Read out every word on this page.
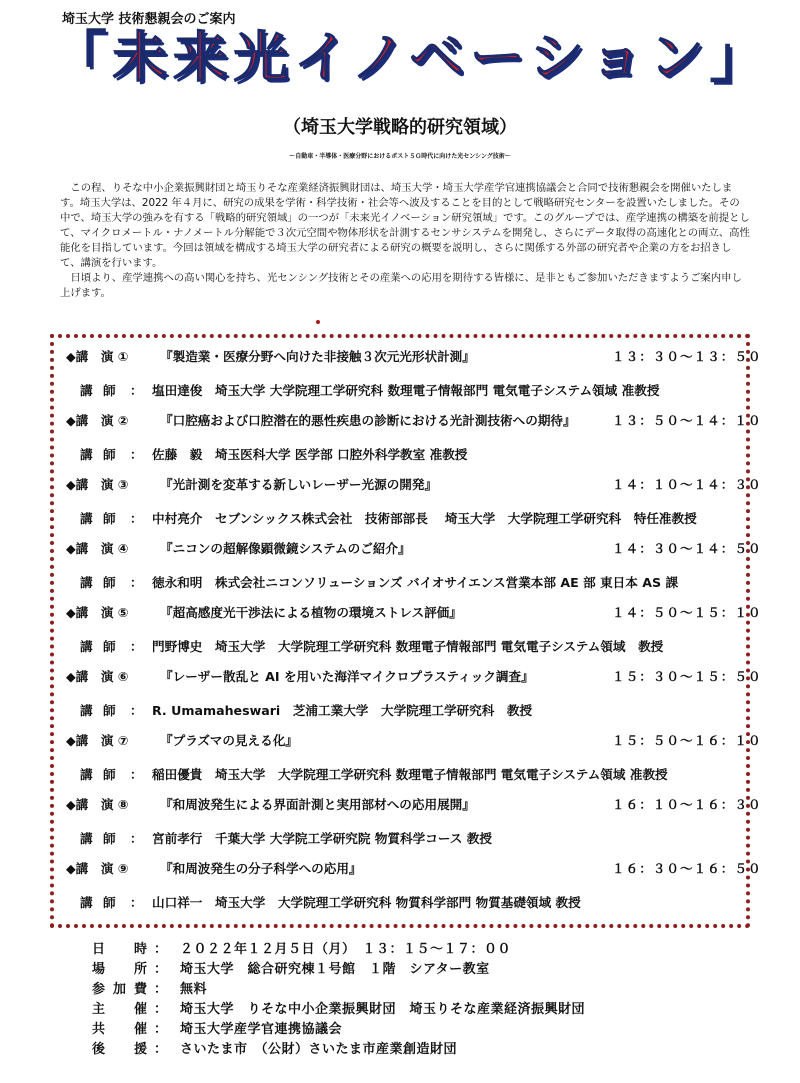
埼玉大学 技術懇親会のご案内
「未来光イノベーション」
（埼玉大学戦略的研究領域）
～自動車・半導体・医療分野におけるポスト５Ｇ時代に向けた光センシング技術～

この程、りそな中小企業振興財団と埼玉りそな産業経済振興財団は、埼玉大学・埼玉大学産学官連携協議会と合同で技術懇親会を開催いたします。埼玉大学は、2022 年４月に、研究の成果を学術・科学技術・社会等へ波及することを目的として戦略研究センターを設置いたしました。その中で、埼玉大学の強みを有する「戦略的研究領域」の一つが「未来光イノベーション研究領域」です。このグループでは、産学連携の構築を前提として、マイクロメートル・ナノメートル分解能で３次元空間や物体形状を計測するセンサシステムを開発し、さらにデータ取得の高速化との両立、高性能化を目指しています。今回は領域を構成する埼玉大学の研究者による研究の概要を説明し、さらに関係する外部の研究者や企業の方をお招きして、講演を行います。

日頃より、産学連携への高い関心を持ち、光センシング技術とその産業への応用を期待する皆様に、是非ともご参加いただきますようご案内申し上げます。

◆講　演 ① 『製造業・医療分野へ向けた非接触３次元光形状計測』	１３：３０～１３：５０
講 師 ： 塩田達俊　埼玉大学 大学院理工学研究科 数理電子情報部門 電気電子システム領域 准教授
◆講　演 ② 『口腔癌および口腔潜在的悪性疾患の診断における光計測技術への期待』	１３：５０～１４：１０
講 師 ： 佐藤　毅　埼玉医科大学 医学部 口腔外科学教室 准教授
◆講　演 ③ 『光計測を変革する新しいレーザー光源の開発』	１４：１０～１４：３０
講 師 ： 中村亮介　セブンシックス株式会社　技術部部長　 埼玉大学　大学院理工学研究科　特任准教授
◆講　演 ④ 『ニコンの超解像顕微鏡システムのご紹介』	１４：３０～１４：５０
講 師 ： 徳永和明　株式会社ニコンソリューションズ バイオサイエンス営業本部 AE 部 東日本 AS 課
◆講　演 ⑤ 『超高感度光干渉法による植物の環境ストレス評価』	１４：５０～１５：１０
講 師 ： 門野博史　埼玉大学　大学院理工学研究科 数理電子情報部門 電気電子システム領域　教授
◆講　演 ⑥ 『レーザー散乱と AI を用いた海洋マイクロプラスティック調査』	１５：３０～１５：５０
講 師 ： R. Umamaheswari　芝浦工業大学　大学院理工学研究科　教授
◆講　演 ⑦ 『プラズマの見える化』	１５：５０～１６：１０
講 師 ： 稲田優貴　埼玉大学　大学院理工学研究科 数理電子情報部門 電気電子システム領域 准教授
◆講　演 ⑧ 『和周波発生による界面計測と実用部材への応用展開』	１６：１０～１６：３０
講 師 ： 宮前孝行　千葉大学 大学院工学研究院 物質科学コース 教授
◆講　演 ⑨ 『和周波発生の分子科学への応用』	１６：３０～１６：５０
講 師 ： 山口祥一　埼玉大学　大学院理工学研究科 物質科学部門 物質基礎領域 教授
日　時
： ２０２２年１２月５日（月）　１３：１５～１７：００
場　所
： 埼玉大学　総合研究棟１号館　１階　シアター教室
参加費
： 無料
主　催
： 埼玉大学　りそな中小企業振興財団　埼玉りそな産業経済振興財団
共　催
： 埼玉大学産学官連携協議会
後　援
： さいたま市　（公財）さいたま市産業創造財団
